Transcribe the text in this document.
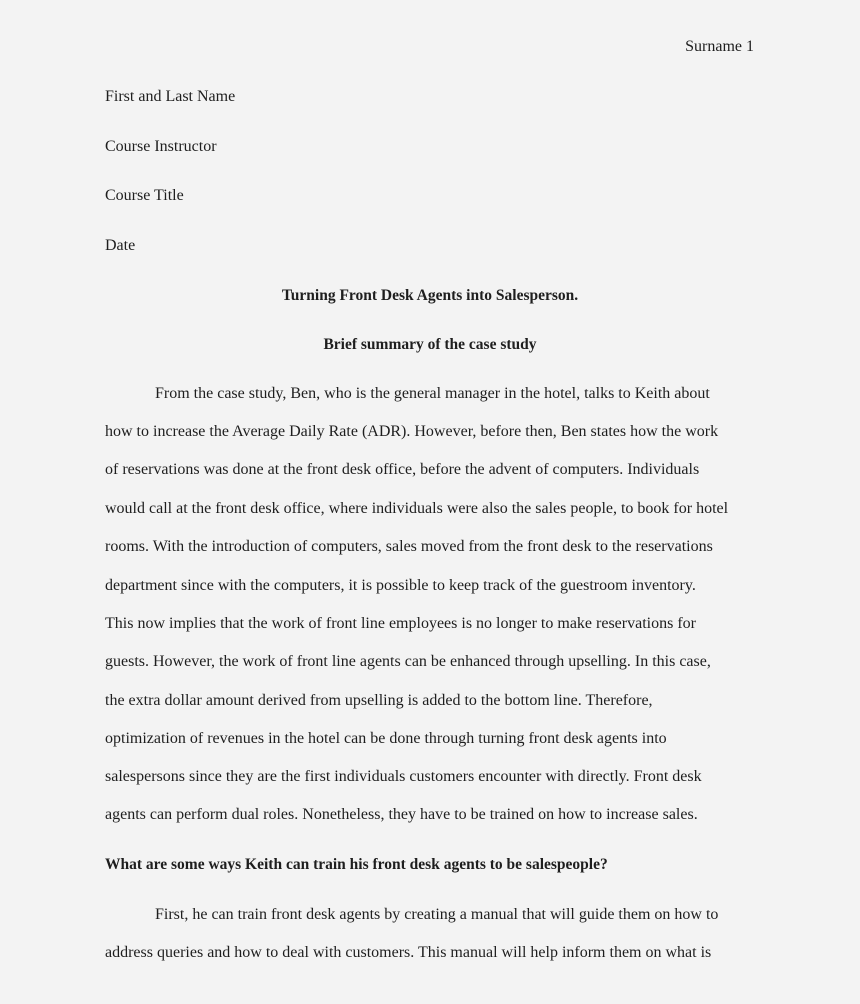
Surname 1
First and Last Name
Course Instructor
Course Title
Date
Turning Front Desk Agents into Salesperson.
Brief summary of the case study
From the case study, Ben, who is the general manager in the hotel, talks to Keith about
how to increase the Average Daily Rate (ADR). However, before then, Ben states how the work
of reservations was done at the front desk office, before the advent of computers. Individuals
would call at the front desk office, where individuals were also the sales people, to book for hotel
rooms. With the introduction of computers, sales moved from the front desk to the reservations
department since with the computers, it is possible to keep track of the guestroom inventory.
This now implies that the work of front line employees is no longer to make reservations for
guests. However, the work of front line agents can be enhanced through upselling. In this case,
the extra dollar amount derived from upselling is added to the bottom line. Therefore,
optimization of revenues in the hotel can be done through turning front desk agents into
salespersons since they are the first individuals customers encounter with directly. Front desk
agents can perform dual roles. Nonetheless, they have to be trained on how to increase sales.
What are some ways Keith can train his front desk agents to be salespeople?
First, he can train front desk agents by creating a manual that will guide them on how to
address queries and how to deal with customers. This manual will help inform them on what is
